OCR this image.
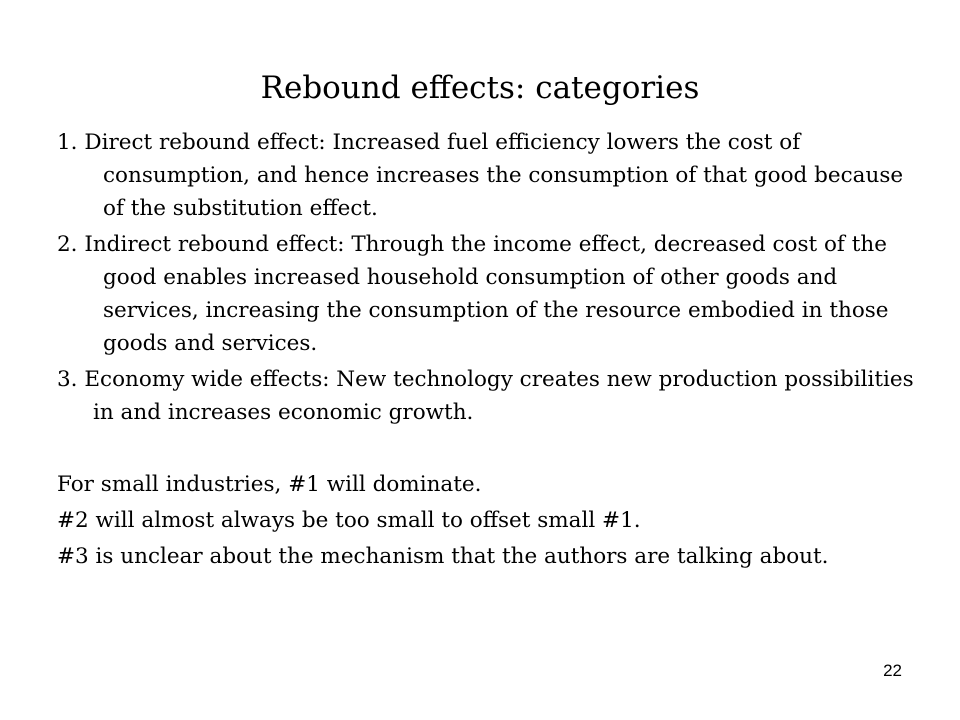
Rebound effects: categories

1. Direct rebound effect: Increased fuel efficiency lowers the cost of consumption, and hence increases the consumption of that good because of the substitution effect.

2. Indirect rebound effect: Through the income effect, decreased cost of the good enables increased household consumption of other goods and services, increasing the consumption of the resource embodied in those goods and services.

3. Economy wide effects: New technology creates new production possibilities in and increases economic growth.

For small industries, #1 will dominate.

#2 will almost always be too small to offset small #1.

#3 is unclear about the mechanism that the authors are talking about.

22
